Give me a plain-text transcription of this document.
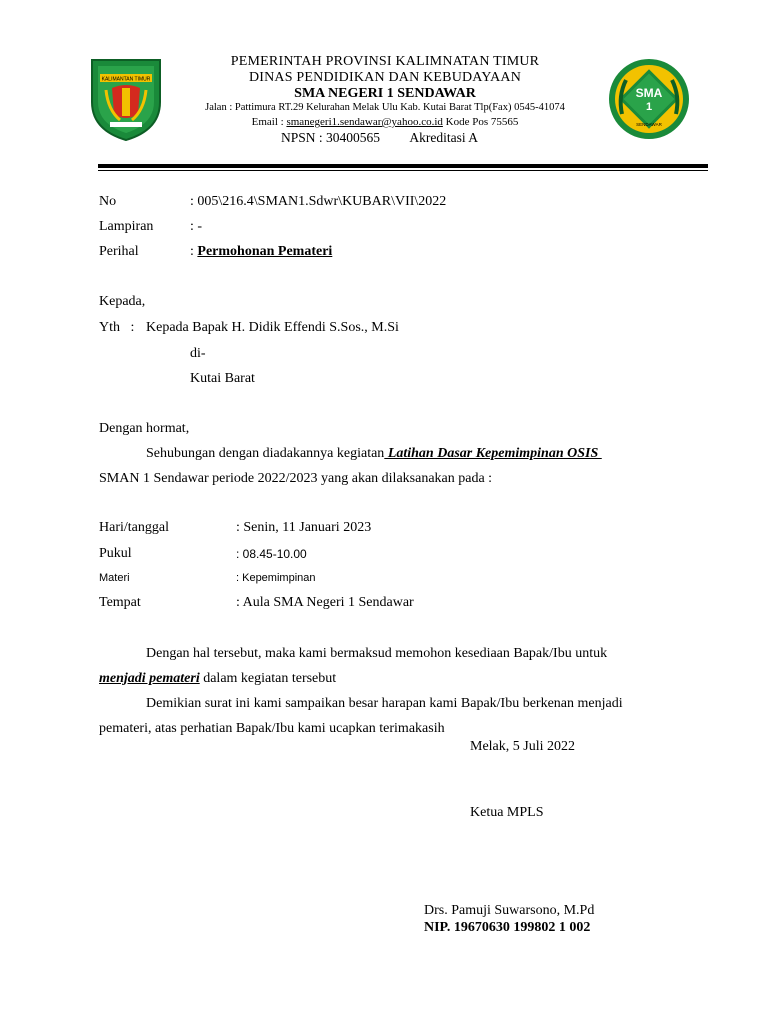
KALIMANTAN TIMUR
PEMERINTAH PROVINSI KALIMNATAN TIMUR
DINAS PENDIDIKAN DAN KEBUDAYAAN
SMA NEGERI 1 SENDAWAR
Jalan : Pattimura RT.29 Kelurahan Melak Ulu Kab. Kutai Barat Tlp(Fax) 0545-41074
Email : smanegeri1.sendawar@yahoo.co.id Kode Pos 75565
NPSN : 30400565 Akreditasi A
SMA
1
SENDAWAR
No	: 005\216.4\SMAN1.Sdwr\KUBAR\VII\2022
Lampiran	: -
Perihal	: Permohonan Pemateri
Kepada,
Yth   : Kepada Bapak H. Didik Effendi S.Sos., M.Si
di-
Kutai Barat
Dengan hormat,
Sehubungan dengan diadakannya kegiatan Latihan Dasar Kepemimpinan OSIS
SMAN 1 Sendawar periode 2022/2023 yang akan dilaksanakan pada :
Hari/tanggal	: Senin, 11 Januari 2023
Pukul	: 08.45-10.00
Materi	: Kepemimpinan
Tempat	: Aula SMA Negeri 1 Sendawar
Dengan hal tersebut, maka kami bermaksud memohon kesediaan Bapak/Ibu untuk
menjadi pemateri dalam kegiatan tersebut
Demikian surat ini kami sampaikan besar harapan kami Bapak/Ibu berkenan menjadi
pemateri, atas perhatian Bapak/Ibu kami ucapkan terimakasih
Melak, 5 Juli 2022
Ketua MPLS
Drs. Pamuji Suwarsono, M.Pd
NIP. 19670630 199802 1 002
